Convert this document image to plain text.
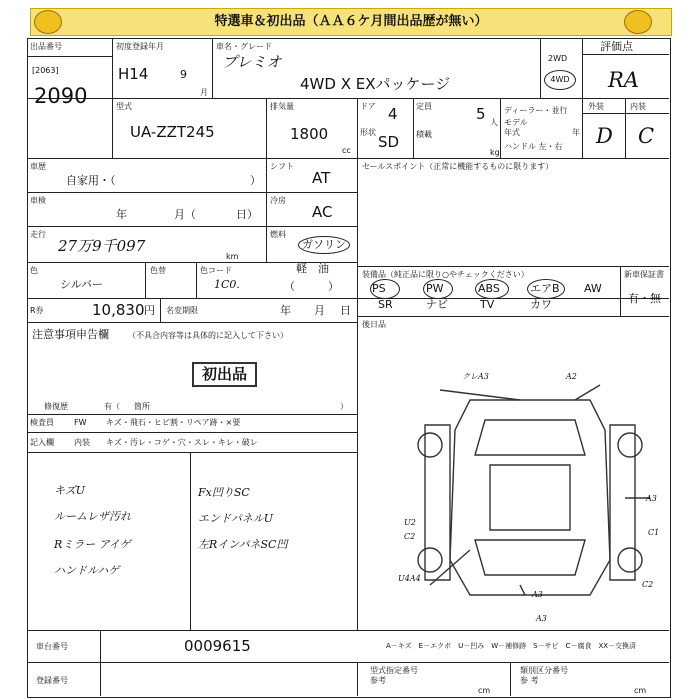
特選車＆初出品（ＡＡ６ケ月間出品歴が無い）
出品番号
[2063]
2090
初度登録年月
H14	9
月
車名・グレード
プレミオ
4WD X EXパッケージ
2WD
4WD
評価点
RA
型式
UA-ZZT245
排気量
1800
cc
ドア 4
形状
SD
定員	5 人
積載
kg
ディーラー・並行
モデル
年式	年
ハンドル 左・右
外装	内装
D C
車歴
自家用・（	）
車検
年	月（	日）
走行
27万9千097
km
色
シルバー
色替	色コード
1C0.	（　　　）
シフト
AT
冷房
AC
燃料
ガソリン
軽　油
セールスポイント（正常に機能するものに限ります）
装備品（純正品に限り○やチェックください）
PS	PW	ABS	エアB AW
SR	ナビ	TV	カワ
新車保証書
有・無
R券	10,830 円 名変期限	年 月 日
後日品
注意事項申告欄 （不具合内容等は具体的に記入して下さい）
初出品
修復歴	有（ 箇所	）
検査員
記入欄
FW キズ・飛石・ヒビ割・リペア跡・×要
内装 キズ・汚レ・コゲ・穴・スレ・キレ・破レ
キズU
ルームレザ汚れ
Rミラー アイゲ
ハンドルハゲ
Fx凹りSC
エンドパネルU
左RインパネSC凹
クレA3	A2
A3
U2
C2	C1
U4A4
A3
A3
C2
A－キズ　E－エクボ　U－凹み　W－補修跡　S－サビ　C－腐食　XX－交換済
車台番号	0009615
登録番号
型式指定番号
参考
類別区分番号
参 考
cm	cm
